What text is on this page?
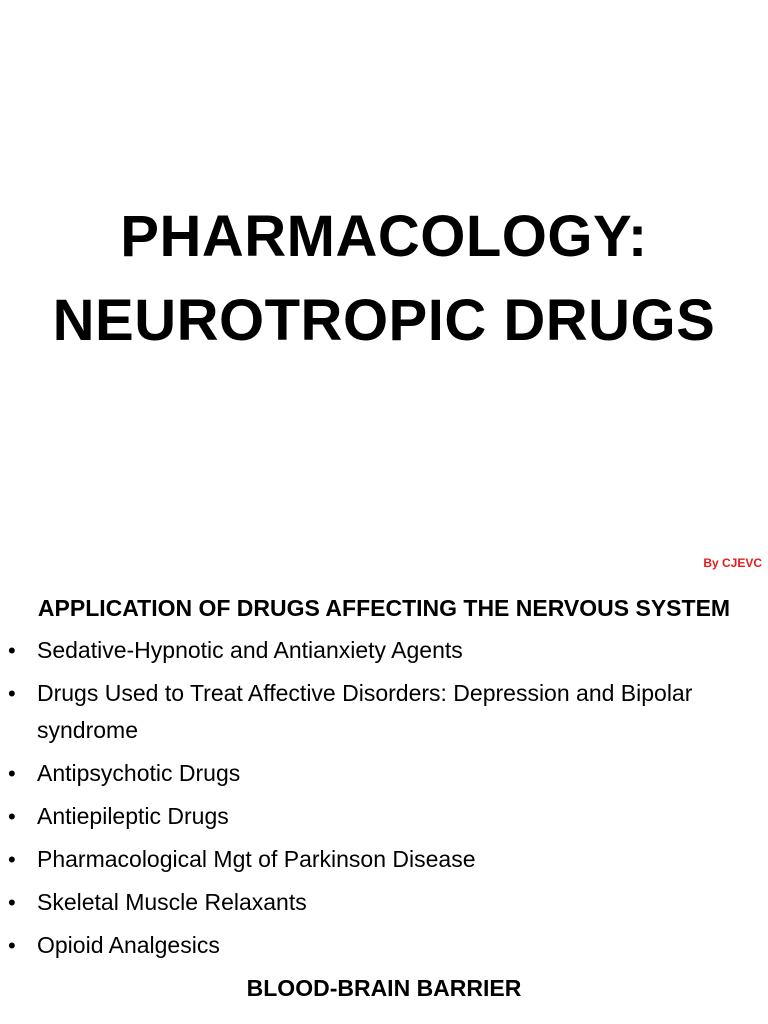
PHARMACOLOGY:
NEUROTROPIC DRUGS
By CJEVC
APPLICATION OF DRUGS AFFECTING THE NERVOUS SYSTEM
• Sedative-Hypnotic and Antianxiety Agents
• Drugs Used to Treat Affective Disorders: Depression and Bipolar syndrome
• Antipsychotic Drugs
• Antiepileptic Drugs
• Pharmacological Mgt of Parkinson Disease
• Skeletal Muscle Relaxants
• Opioid Analgesics
BLOOD-BRAIN BARRIER
